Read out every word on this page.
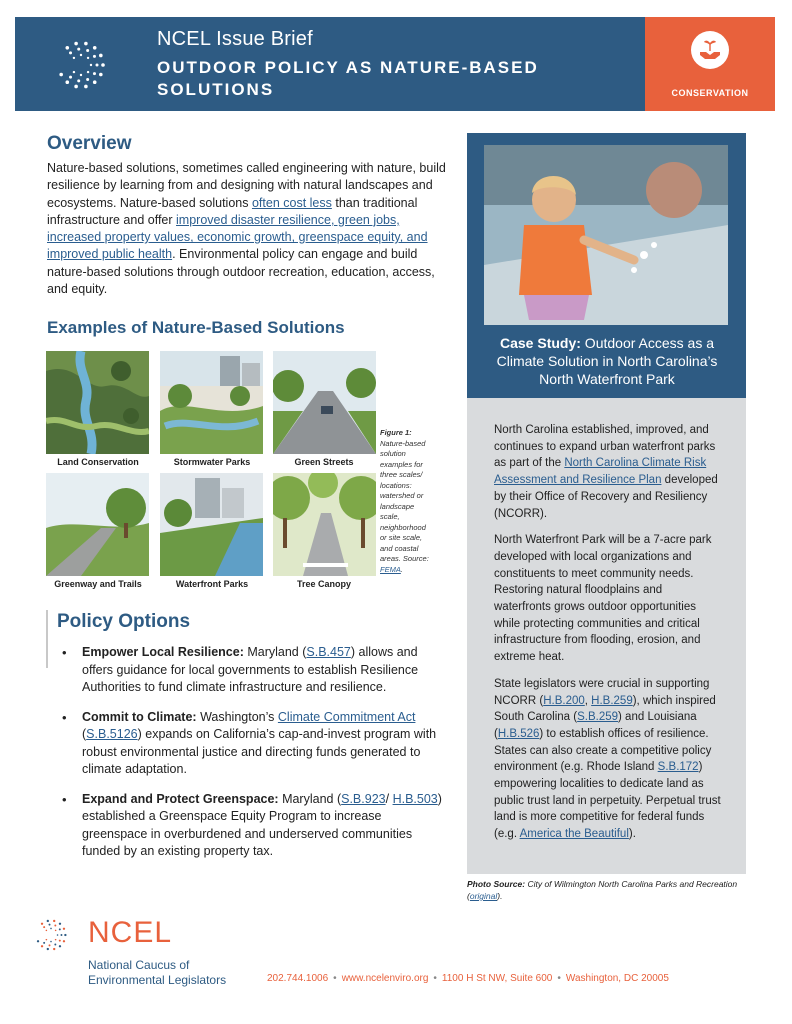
NCEL Issue Brief
OUTDOOR POLICY AS NATURE-BASED SOLUTIONS	CONSERVATION
Overview
Nature-based solutions, sometimes called engineering with nature, build resilience by learning from and designing with natural landscapes and ecosystems. Nature-based solutions often cost less than traditional infrastructure and offer improved disaster resilience, green jobs, increased property values, economic growth, greenspace equity, and improved public health. Environmental policy can engage and build nature-based solutions through outdoor recreation, education, access, and equity.
Examples of Nature-Based Solutions
Land Conservation	Stormwater Parks	Green Streets
Greenway and Trails	Waterfront Parks	Tree Canopy
Figure 1:
Nature-based solution examples for three scales/ locations: watershed or landscape scale, neighborhood or site scale, and coastal areas. Source: FEMA.
Policy Options
• Empower Local Resilience: Maryland (S.B.457) allows and offers guidance for local governments to establish Resilience Authorities to fund climate infrastructure and resilience.
• Commit to Climate: Washington’s Climate Commitment Act (S.B.5126) expands on California’s cap-and-invest program with robust environmental justice and directing funds generated to climate adaptation.
• Expand and Protect Greenspace: Maryland (S.B.923/ H.B.503) established a Greenspace Equity Program to increase greenspace in overburdened and underserved communities funded by an existing property tax.
Case Study: Outdoor Access as a Climate Solution in North Carolina’s North Waterfront Park

North Carolina established, improved, and continues to expand urban waterfront parks as part of the North Carolina Climate Risk Assessment and Resilience Plan developed by their Office of Recovery and Resiliency (NCORR).

North Waterfront Park will be a 7-acre park developed with local organizations and constituents to meet community needs. Restoring natural floodplains and waterfronts grows outdoor opportunities while protecting communities and critical infrastructure from flooding, erosion, and extreme heat.

State legislators were crucial in supporting NCORR (H.B.200, H.B.259), which inspired South Carolina (S.B.259) and Louisiana (H.B.526) to establish offices of resilience. States can also create a competitive policy environment (e.g. Rhode Island S.B.172) empowering localities to dedicate land as public trust land in perpetuity. Perpetual trust land is more competitive for federal funds (e.g. America the Beautiful).

Photo Source: City of Wilmington North Carolina Parks and Recreation (original).
NCEL
National Caucus of Environmental Legislators	202.744.1006 • www.ncelenviro.org • 1100 H St NW, Suite 600 • Washington, DC 20005
